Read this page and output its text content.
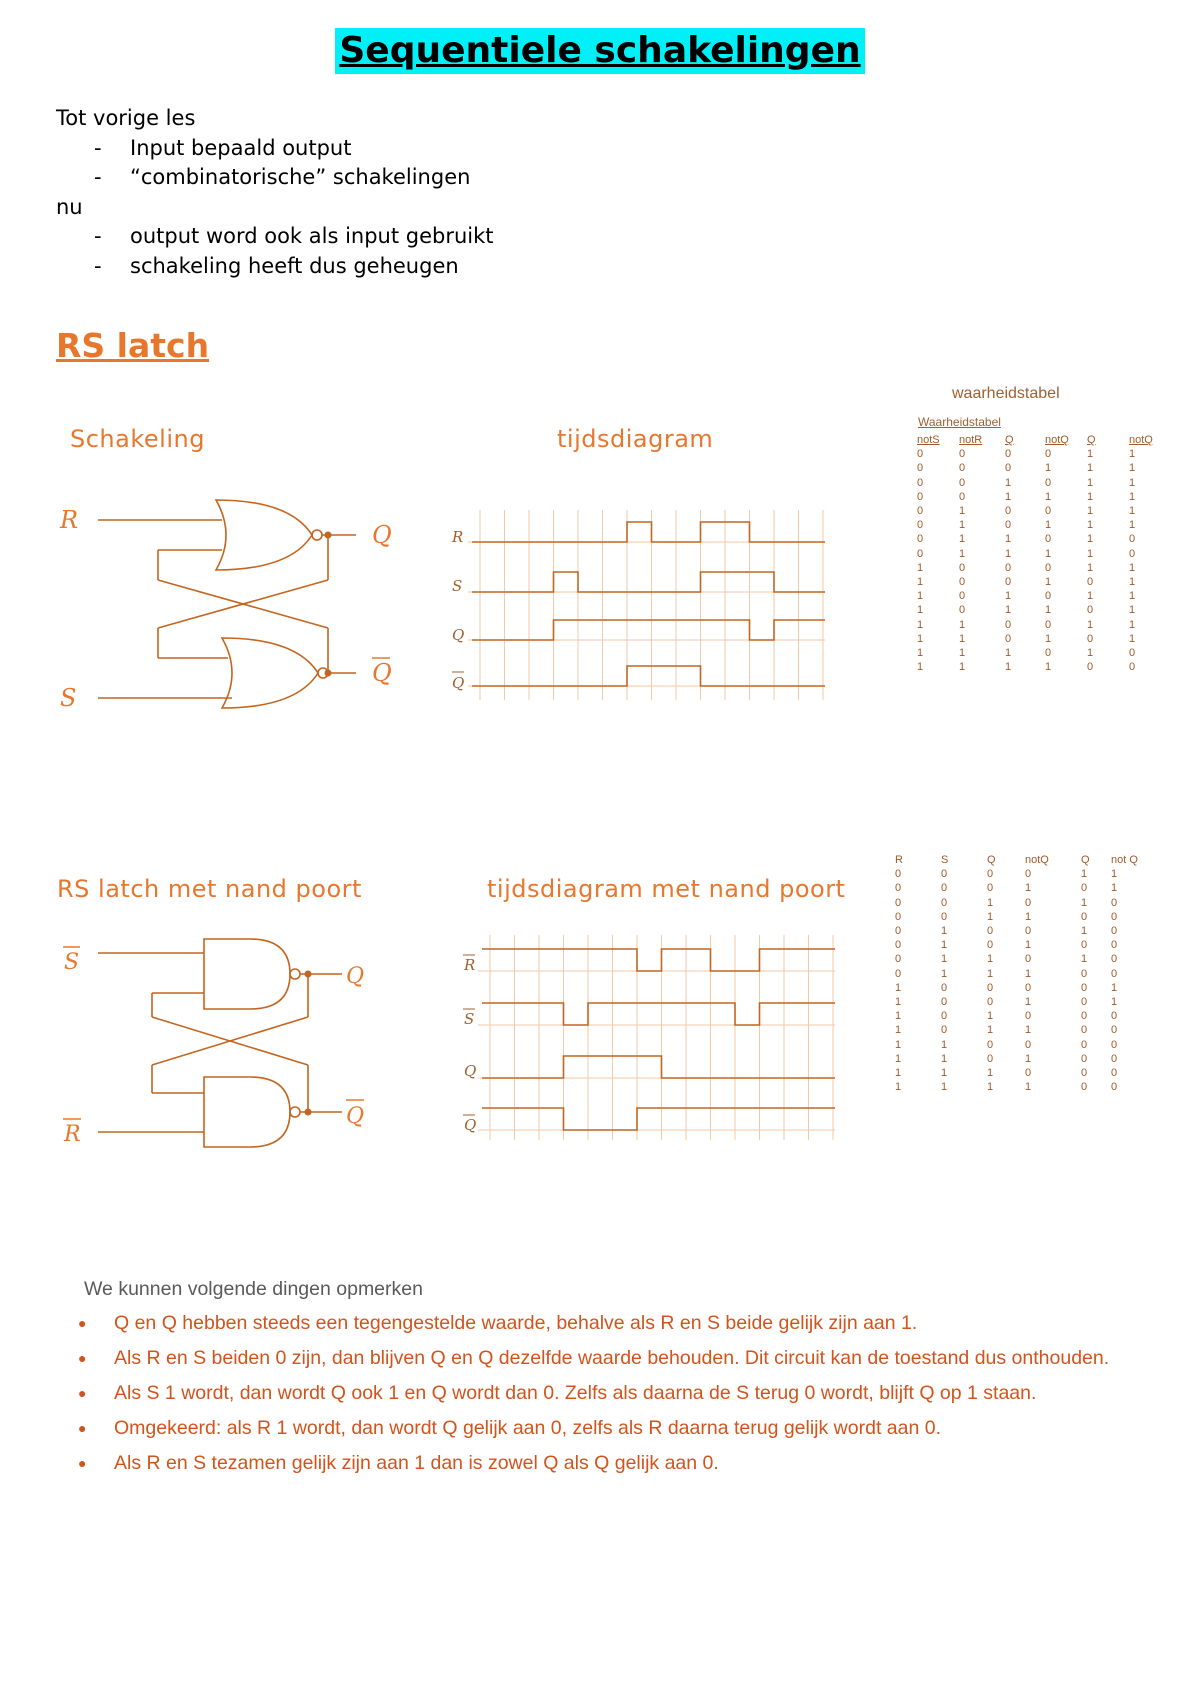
Sequentiele schakelingen
Tot vorige les
- Input bepaald output
- “combinatorische” schakelingen
nu
- output word ook als input gebruikt
- schakeling heeft dus geheugen
RS latch
Schakeling	tijdsdiagram
R
S
Q
Q
R
S
Q
Q
waarheidstabel
Waarheidstabel
notS	notR	Q	notQ	Q	notQ
0	0	0	0	1	1
0	0	0	1	1	1
0	0	1	0	1	1
0	0	1	1	1	1
0	1	0	0	1	1
0	1	0	1	1	1
0	1	1	0	1	0
0	1	1	1	1	0
1	0	0	0	1	1
1	0	0	1	0	1
1	0	1	0	1	1
1	0	1	1	0	1
1	1	0	0	1	1
1	1	0	1	0	1
1	1	1	0	1	0
1	1	1	1	0	0
RS latch met nand poort	tijdsdiagram met nand poort
S
R
Q
Q
R
S
Q
Q
R	S	Q	notQ	Q	not Q
0	0	0	0	1	1
0	0	0	1	0	1
0	0	1	0	1	0
0	0	1	1	0	0
0	1	0	0	1	0
0	1	0	1	0	0
0	1	1	0	1	0
0	1	1	1	0	0
1	0	0	0	0	1
1	0	0	1	0	1
1	0	1	0	0	0
1	0	1	1	0	0
1	1	0	0	0	0
1	1	0	1	0	0
1	1	1	0	0	0
1	1	1	1	0	0
We kunnen volgende dingen opmerken
● Q en Q hebben steeds een tegengestelde waarde, behalve als R en S beide gelijk zijn aan 1.
● Als R en S beiden 0 zijn, dan blijven Q en Q dezelfde waarde behouden. Dit circuit kan de toestand dus onthouden.
● Als S 1 wordt, dan wordt Q ook 1 en Q wordt dan 0. Zelfs als daarna de S terug 0 wordt, blijft Q op 1 staan.
● Omgekeerd: als R 1 wordt, dan wordt Q gelijk aan 0, zelfs als R daarna terug gelijk wordt aan 0.
● Als R en S tezamen gelijk zijn aan 1 dan is zowel Q als Q gelijk aan 0.
